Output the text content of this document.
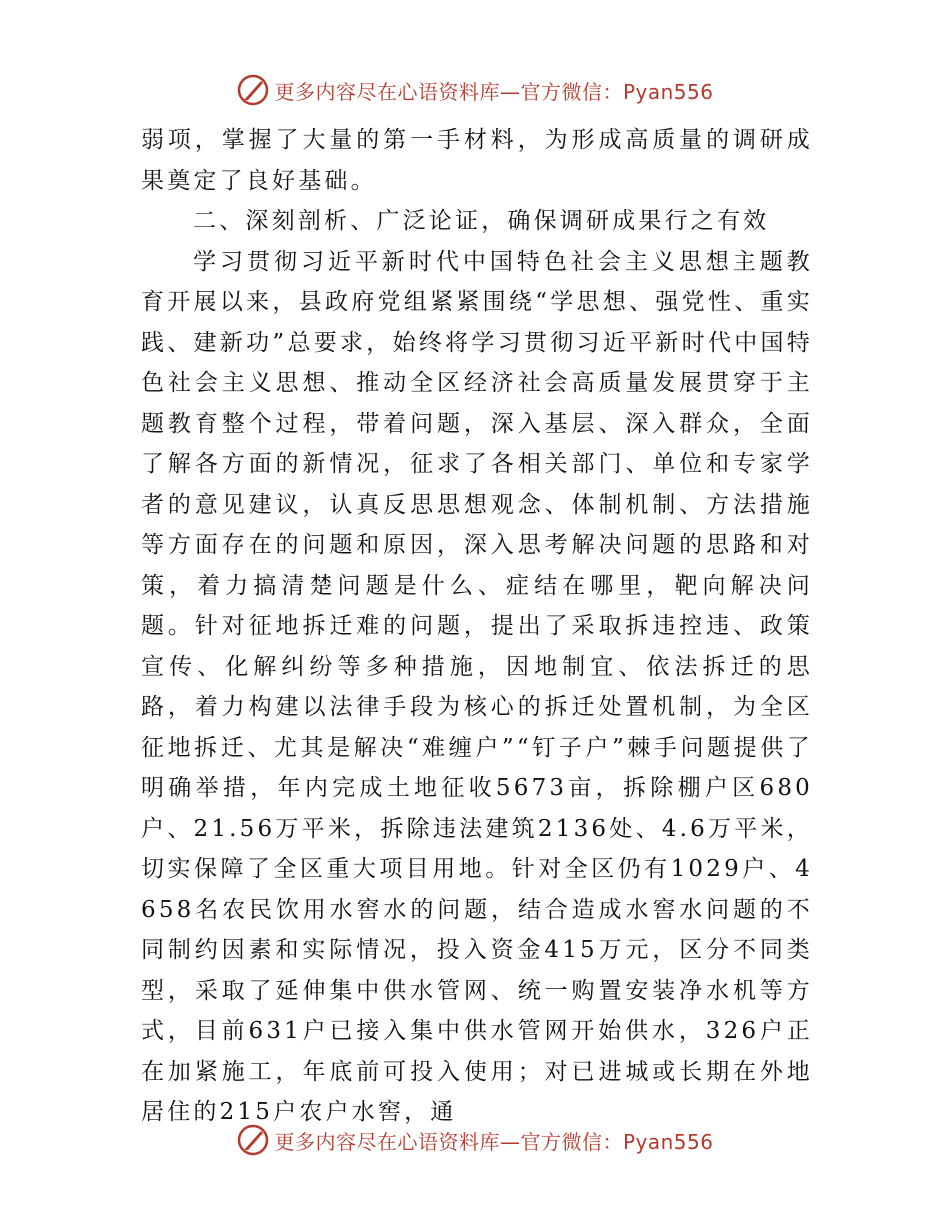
更多内容尽在心语资料库—官方微信：Pyan556

弱项，掌握了大量的第一手材料，为形成高质量的调研成果奠定了良好基础。

二、深刻剖析、广泛论证，确保调研成果行之有效

学习贯彻习近平新时代中国特色社会主义思想主题教育开展以来，县政府党组紧紧围绕“学思想、强党性、重实践、建新功”总要求，始终将学习贯彻习近平新时代中国特色社会主义思想、推动全区经济社会高质量发展贯穿于主题教育整个过程，带着问题，深入基层、深入群众，全面了解各方面的新情况，征求了各相关部门、单位和专家学者的意见建议，认真反思思想观念、体制机制、方法措施等方面存在的问题和原因，深入思考解决问题的思路和对策，着力搞清楚问题是什么、症结在哪里，靶向解决问题。针对征地拆迁难的问题，提出了采取拆违控违、政策宣传、化解纠纷等多种措施，因地制宜、依法拆迁的思路，着力构建以法律手段为核心的拆迁处置机制，为全区征地拆迁、尤其是解决“难缠户”“钉子户”棘手问题提供了明确举措，年内完成土地征收5673亩，拆除棚户区680户、21.56万平米，拆除违法建筑2136处、4.6万平米，切实保障了全区重大项目用地。针对全区仍有1029户、4658名农民饮用水窖水的问题，结合造成水窖水问题的不同制约因素和实际情况，投入资金415万元，区分不同类型，采取了延伸集中供水管网、统一购置安装净水机等方式，目前631户已接入集中供水管网开始供水，326户正在加紧施工，年底前可投入使用；对已进城或长期在外地居住的215户农户水窖，通

更多内容尽在心语资料库—官方微信：Pyan556
